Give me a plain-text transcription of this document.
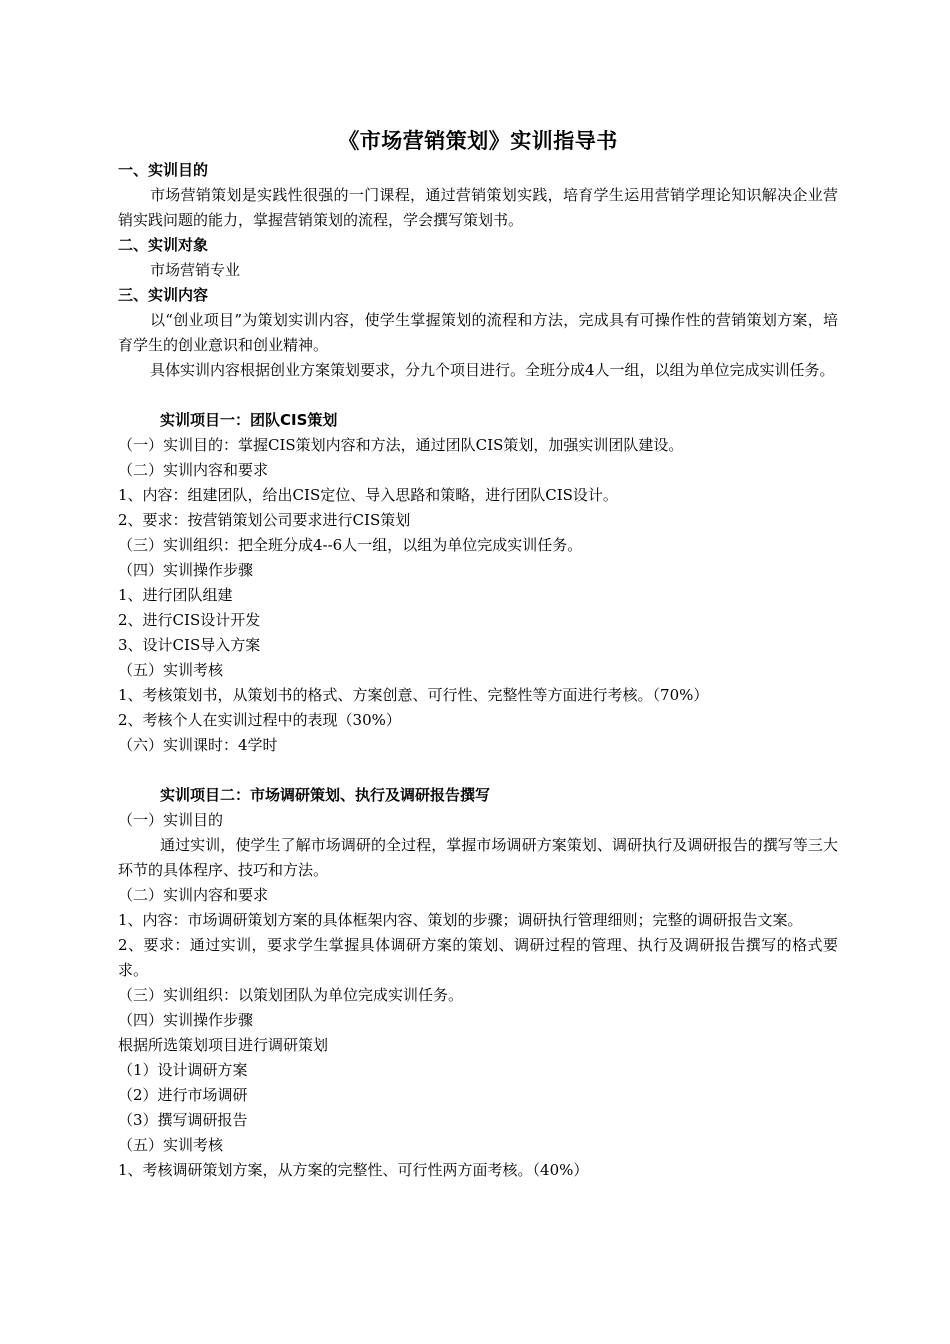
《市场营销策划》实训指导书

一、实训目的

市场营销策划是实践性很强的一门课程，通过营销策划实践，培育学生运用营销学理论知识解决企业营销实践问题的能力，掌握营销策划的流程，学会撰写策划书。

二、实训对象

市场营销专业

三、实训内容

以“创业项目”为策划实训内容，使学生掌握策划的流程和方法，完成具有可操作性的营销策划方案，培育学生的创业意识和创业精神。

具体实训内容根据创业方案策划要求，分九个项目进行。全班分成4人一组，以组为单位完成实训任务。

实训项目一：团队CIS策划

（一）实训目的：掌握CIS策划内容和方法，通过团队CIS策划，加强实训团队建设。

（二）实训内容和要求

1、内容：组建团队，给出CIS定位、导入思路和策略，进行团队CIS设计。

2、要求：按营销策划公司要求进行CIS策划

（三）实训组织：把全班分成4--6人一组，以组为单位完成实训任务。

（四）实训操作步骤

1、进行团队组建

2、进行CIS设计开发

3、设计CIS导入方案

（五）实训考核

1、考核策划书，从策划书的格式、方案创意、可行性、完整性等方面进行考核。（70%）

2、考核个人在实训过程中的表现（30%）

（六）实训课时：4学时

实训项目二：市场调研策划、执行及调研报告撰写

（一）实训目的

通过实训，使学生了解市场调研的全过程，掌握市场调研方案策划、调研执行及调研报告的撰写等三大环节的具体程序、技巧和方法。

（二）实训内容和要求

1、内容：市场调研策划方案的具体框架内容、策划的步骤；调研执行管理细则；完整的调研报告文案。

2、要求：通过实训，要求学生掌握具体调研方案的策划、调研过程的管理、执行及调研报告撰写的格式要求。

（三）实训组织：以策划团队为单位完成实训任务。

（四）实训操作步骤

根据所选策划项目进行调研策划

（1）设计调研方案

（2）进行市场调研

（3）撰写调研报告

（五）实训考核

1、考核调研策划方案，从方案的完整性、可行性两方面考核。（40%）
